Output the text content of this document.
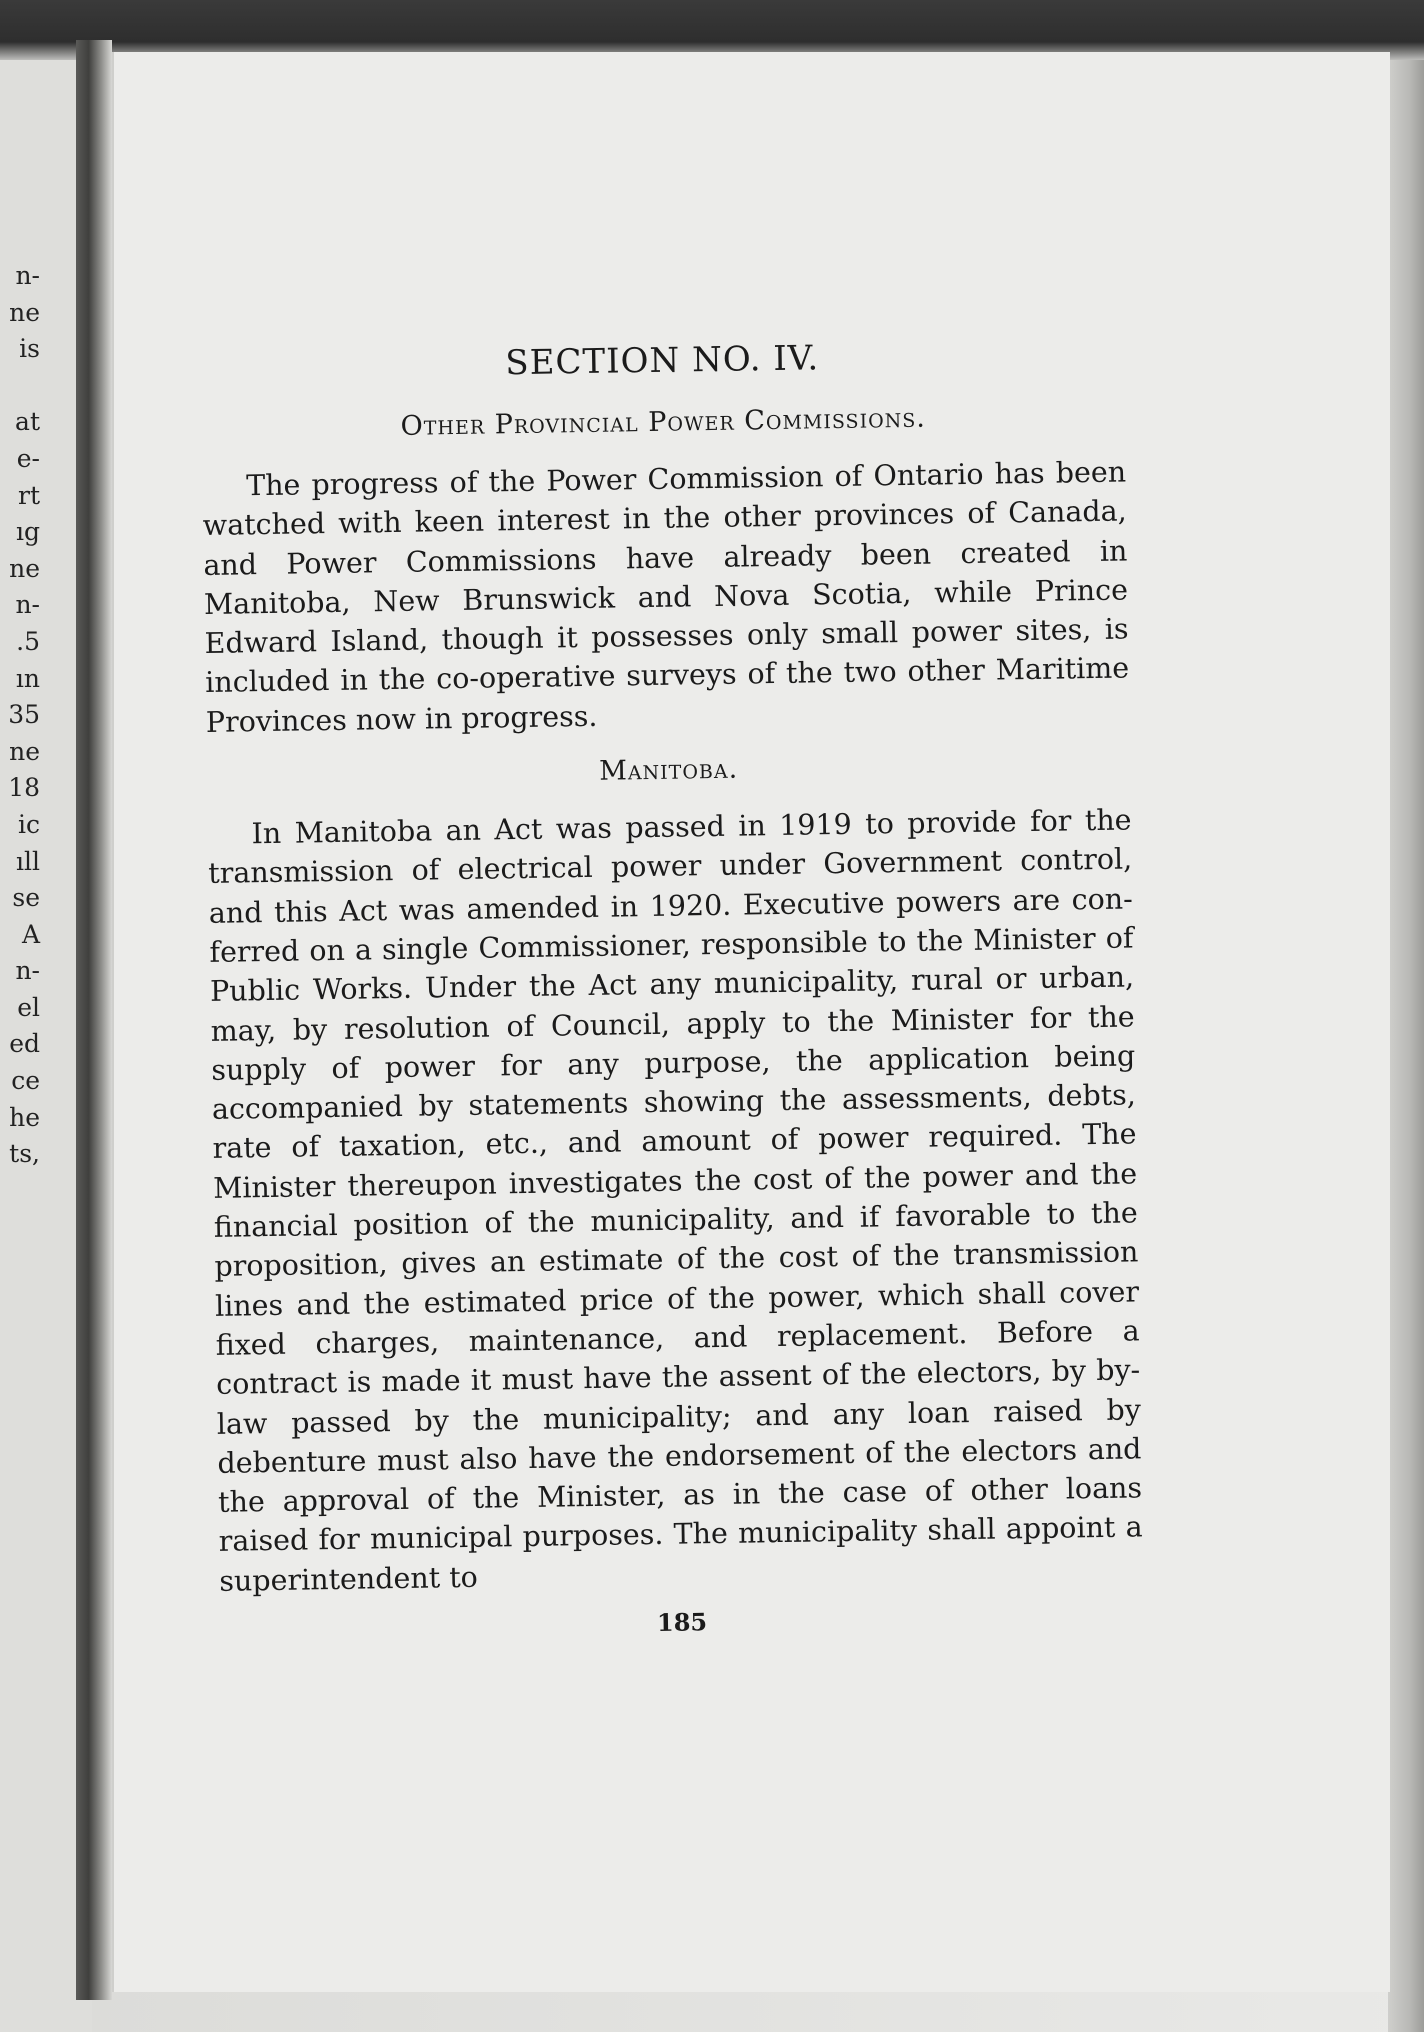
n-
ne
is
at
e-
rt
ıg
ne
n-
.5
ın
35
ne
18
ic
ıll
se
A
n-
el
ed
ce
he
ts,
SECTION NO. IV.
Other Provincial Power Commissions.

The progress of the Power Commission of Ontario has been watched with keen interest in the other provinces of Canada, and Power Commissions have already been created in Manitoba, New Brunswick and Nova Scotia, while Prince Edward Island, though it possesses only small power sites, is included in the co-operative surveys of the two other Maritime Provinces now in progress.

Manitoba.

In Manitoba an Act was passed in 1919 to provide for the transmission of electrical power under Government control, and this Act was amended in 1920. Executive powers are conferred on a single Commissioner, responsible to the Minister of Public Works. Under the Act any municipality, rural or urban, may, by resolution of Council, apply to the Minister for the supply of power for any purpose, the application being accompanied by statements showing the assessments, debts, rate of taxation, etc., and amount of power required. The Minister thereupon investigates the cost of the power and the financial position of the municipality, and if favorable to the proposition, gives an estimate of the cost of the transmission lines and the estimated price of the power, which shall cover fixed charges, maintenance, and replacement. Before a contract is made it must have the assent of the electors, by by-law passed by the municipality; and any loan raised by debenture must also have the endorsement of the electors and the approval of the Minister, as in the case of other loans raised for municipal purposes. The municipality shall appoint a superintendent to

185
